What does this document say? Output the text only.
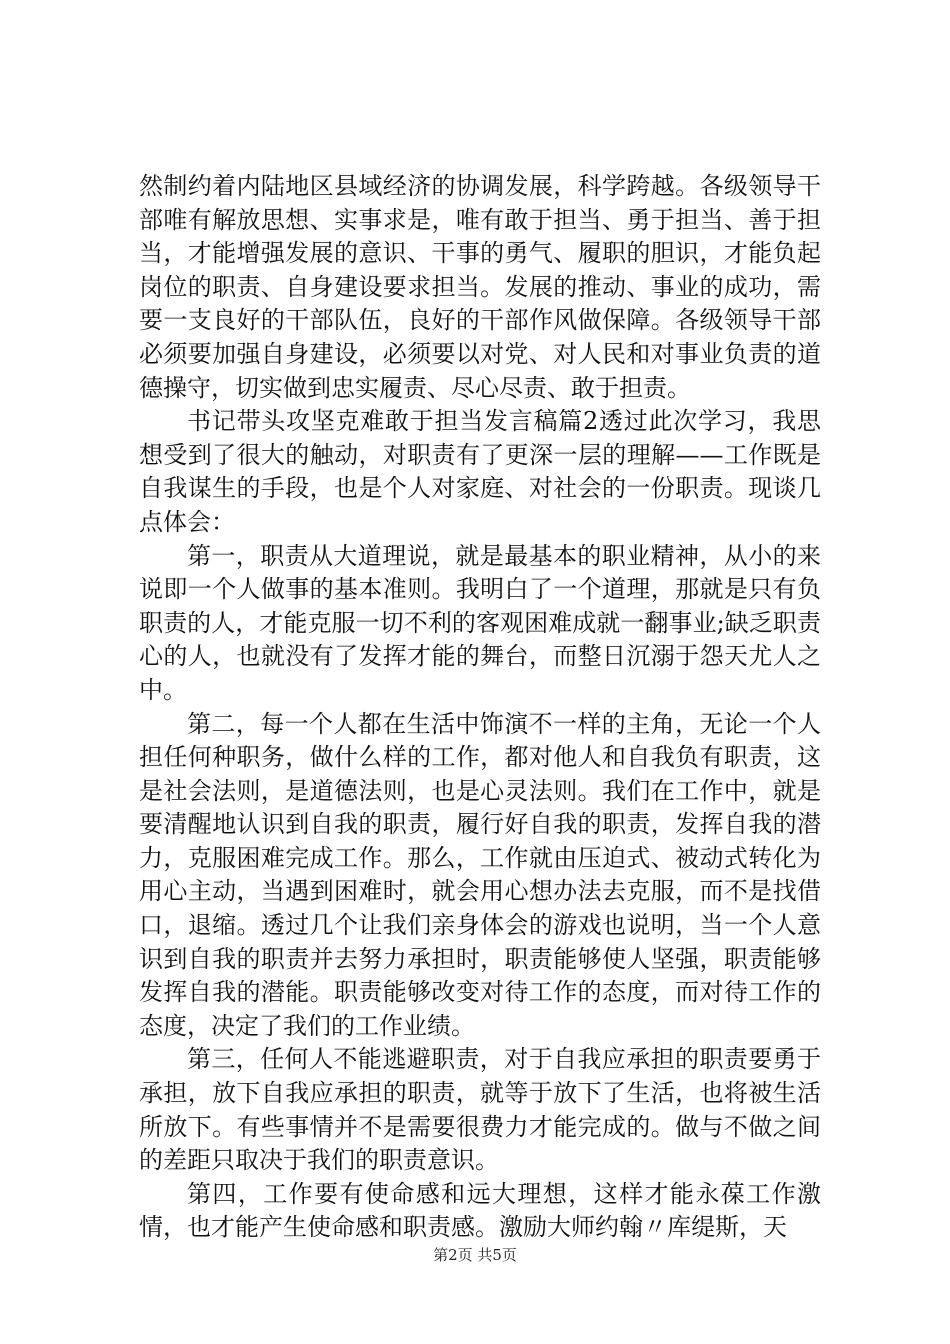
然制约着内陆地区县域经济的协调发展，科学跨越。各级领导干部唯有解放思想、实事求是，唯有敢于担当、勇于担当、善于担当，才能增强发展的意识、干事的勇气、履职的胆识，才能负起岗位的职责、自身建设要求担当。发展的推动、事业的成功，需要一支良好的干部队伍，良好的干部作风做保障。各级领导干部必须要加强自身建设，必须要以对党、对人民和对事业负责的道德操守，切实做到忠实履责、尽心尽责、敢于担责。

书记带头攻坚克难敢于担当发言稿篇2透过此次学习，我思想受到了很大的触动，对职责有了更深一层的理解——工作既是自我谋生的手段，也是个人对家庭、对社会的一份职责。现谈几点体会：

第一，职责从大道理说，就是最基本的职业精神，从小的来说即一个人做事的基本准则。我明白了一个道理，那就是只有负职责的人，才能克服一切不利的客观困难成就一翻事业;缺乏职责心的人，也就没有了发挥才能的舞台，而整日沉溺于怨天尤人之中。

第二，每一个人都在生活中饰演不一样的主角，无论一个人担任何种职务，做什么样的工作，都对他人和自我负有职责，这是社会法则，是道德法则，也是心灵法则。我们在工作中，就是要清醒地认识到自我的职责，履行好自我的职责，发挥自我的潜力，克服困难完成工作。那么，工作就由压迫式、被动式转化为用心主动，当遇到困难时，就会用心想办法去克服，而不是找借口，退缩。透过几个让我们亲身体会的游戏也说明，当一个人意识到自我的职责并去努力承担时，职责能够使人坚强，职责能够发挥自我的潜能。职责能够改变对待工作的态度，而对待工作的态度，决定了我们的工作业绩。

第三，任何人不能逃避职责，对于自我应承担的职责要勇于承担，放下自我应承担的职责，就等于放下了生活，也将被生活所放下。有些事情并不是需要很费力才能完成的。做与不做之间的差距只取决于我们的职责意识。

第四，工作要有使命感和远大理想，这样才能永葆工作激情，也才能产生使命感和职责感。激励大师约翰〃库缇斯，天

第2页 共5页
